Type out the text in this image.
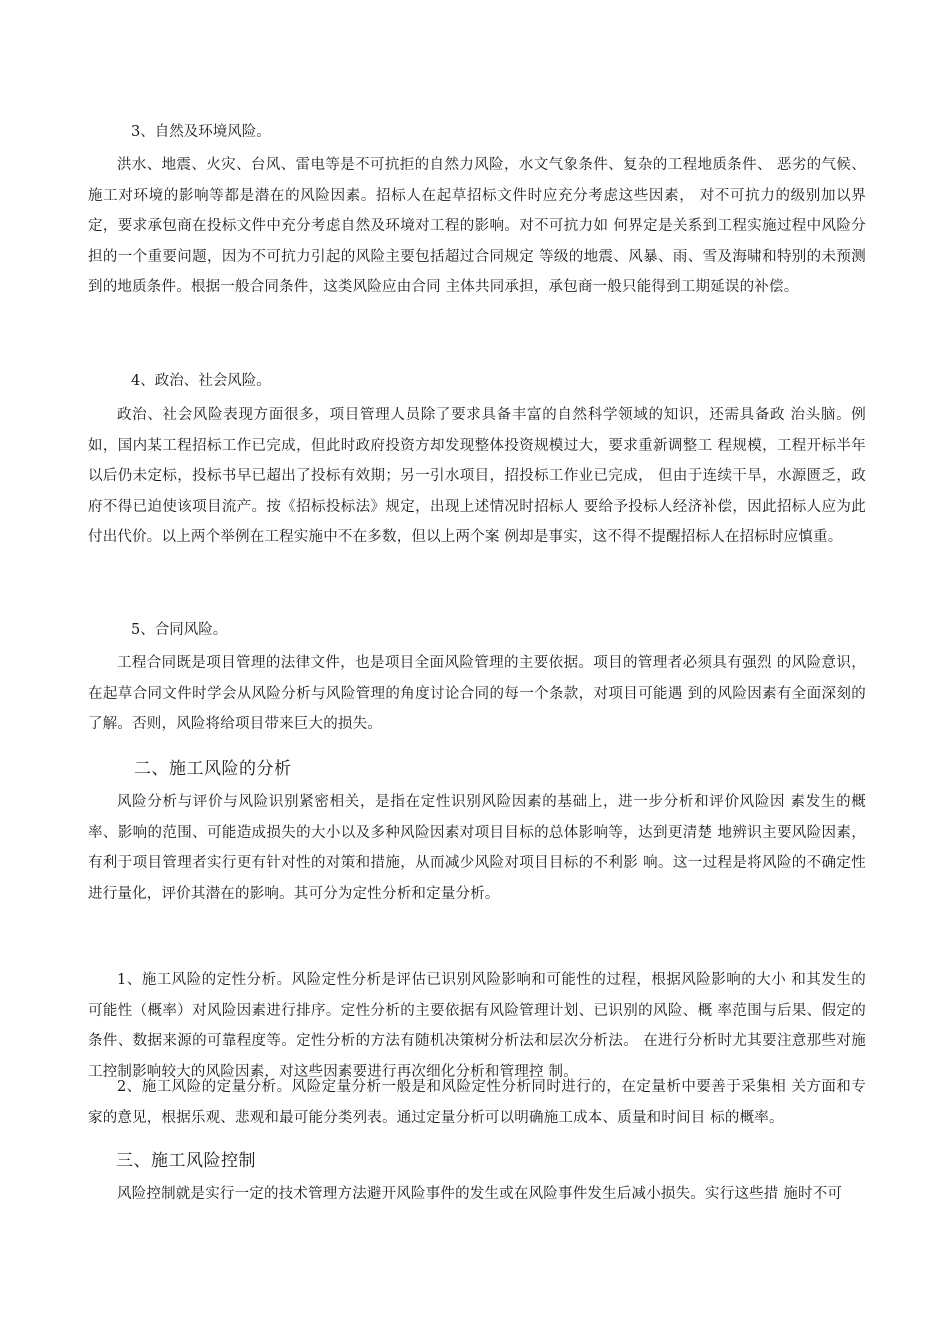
3、自然及环境风险。
洪水、地震、火灾、台风、雷电等是不可抗拒的自然力风险，水文气象条件、复杂的工程地质条件、 恶劣的气候、施工对环境的影响等都是潜在的风险因素。招标人在起草招标文件时应充分考虑这些因素， 对不可抗力的级别加以界定，要求承包商在投标文件中充分考虑自然及环境对工程的影响。对不可抗力如 何界定是关系到工程实施过程中风险分担的一个重要问题，因为不可抗力引起的风险主要包括超过合同规定 等级的地震、风暴、雨、雪及海啸和特别的未预测到的地质条件。根据一般合同条件，这类风险应由合同 主体共同承担，承包商一般只能得到工期延误的补偿。
4、政治、社会风险。
政治、社会风险表现方面很多，项目管理人员除了要求具备丰富的自然科学领域的知识，还需具备政 治头脑。例如，国内某工程招标工作已完成，但此时政府投资方却发现整体投资规模过大，要求重新调整工 程规模，工程开标半年以后仍未定标，投标书早已超出了投标有效期；另一引水项目，招投标工作业已完成， 但由于连续干旱，水源匮乏，政府不得已迫使该项目流产。按《招标投标法》规定，出现上述情况时招标人 要给予投标人经济补偿，因此招标人应为此付出代价。以上两个举例在工程实施中不在多数，但以上两个案 例却是事实，这不得不提醒招标人在招标时应慎重。
5、合同风险。
工程合同既是项目管理的法律文件，也是项目全面风险管理的主要依据。项目的管理者必须具有强烈 的风险意识，在起草合同文件时学会从风险分析与风险管理的角度讨论合同的每一个条款，对项目可能遇 到的风险因素有全面深刻的了解。否则，风险将给项目带来巨大的损失。
二、施工风险的分析
风险分析与评价与风险识别紧密相关，是指在定性识别风险因素的基础上，进一步分析和评价风险因 素发生的概率、影响的范围、可能造成损失的大小以及多种风险因素对项目目标的总体影响等，达到更清楚 地辨识主要风险因素，有利于项目管理者实行更有针对性的对策和措施，从而减少风险对项目目标的不利影 响。这一过程是将风险的不确定性进行量化，评价其潜在的影响。其可分为定性分析和定量分析。
1、施工风险的定性分析。风险定性分析是评估已识别风险影响和可能性的过程，根据风险影响的大小 和其发生的可能性（概率）对风险因素进行排序。定性分析的主要依据有风险管理计划、已识别的风险、概 率范围与后果、假定的条件、数据来源的可靠程度等。定性分析的方法有随机决策树分析法和层次分析法。 在进行分析时尤其要注意那些对施工控制影响较大的风险因素，对这些因素要进行再次细化分析和管理控 制。
2、施工风险的定量分析。风险定量分析一般是和风险定性分析同时进行的，在定量析中要善于采集相 关方面和专家的意见，根据乐观、悲观和最可能分类列表。通过定量分析可以明确施工成本、质量和时间目 标的概率。
三、施工风险控制
风险控制就是实行一定的技术管理方法避开风险事件的发生或在风险事件发生后减小损失。实行这些措 施时不可
